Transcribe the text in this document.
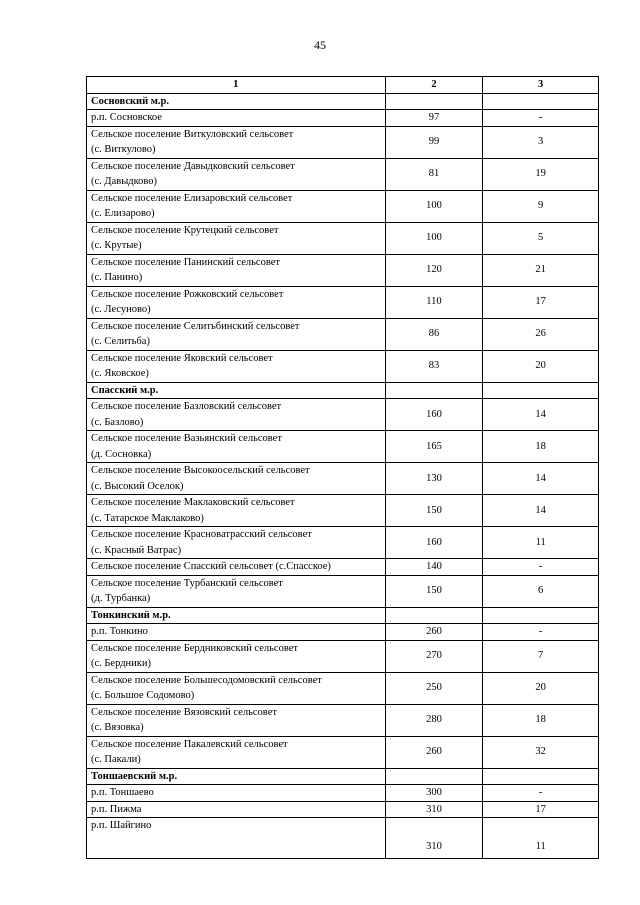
45
1	2	3
Сосновский м.р.		
р.п. Сосновское	97	-
Сельское поселение Виткуловский сельсовет
(с. Виткулово)	99	3
Сельское поселение Давыдковский сельсовет
(с. Давыдково)	81	19
Сельское поселение Елизаровский сельсовет
(с. Елизарово)	100	9
Сельское поселение Крутецкий сельсовет
(с. Крутые)	100	5
Сельское поселение Панинский сельсовет
(с. Панино)	120	21
Сельское поселение Рожковский сельсовет
(с. Лесуново)	110	17
Сельское поселение Селитьбинский сельсовет
(с. Селитьба)	86	26
Сельское поселение Яковский сельсовет
(с. Яковское)	83	20
Спасский м.р.		
Сельское поселение Базловский сельсовет
(с. Базлово)	160	14
Сельское поселение Вазьянский сельсовет
(д. Сосновка)	165	18
Сельское поселение Высокоосельский сельсовет
(с. Высокий Оселок)	130	14
Сельское поселение Маклаковский сельсовет
(с. Татарское Маклаково)	150	14
Сельское поселение Красноватрасский сельсовет
(с. Красный Ватрас)	160	11
Сельское поселение Спасский сельсовет (с.Спасское)	140	-
Сельское поселение Турбанский сельсовет
(д. Турбанка)	150	6
Тонкинский м.р.		
р.п. Тонкино	260	-
Сельское поселение Бердниковский сельсовет
(с. Бердники)	270	7
Сельское поселение Большесодомовский сельсовет
(с. Большое Содомово)	250	20
Сельское поселение Вязовский сельсовет
(с. Вязовка)	280	18
Сельское поселение Пакалевский сельсовет
(с. Пакали)	260	32
Тоншаевский м.р.		
р.п. Тоншаево	300	-
р.п. Пижма	310	17
р.п. Шайгино	310	11
